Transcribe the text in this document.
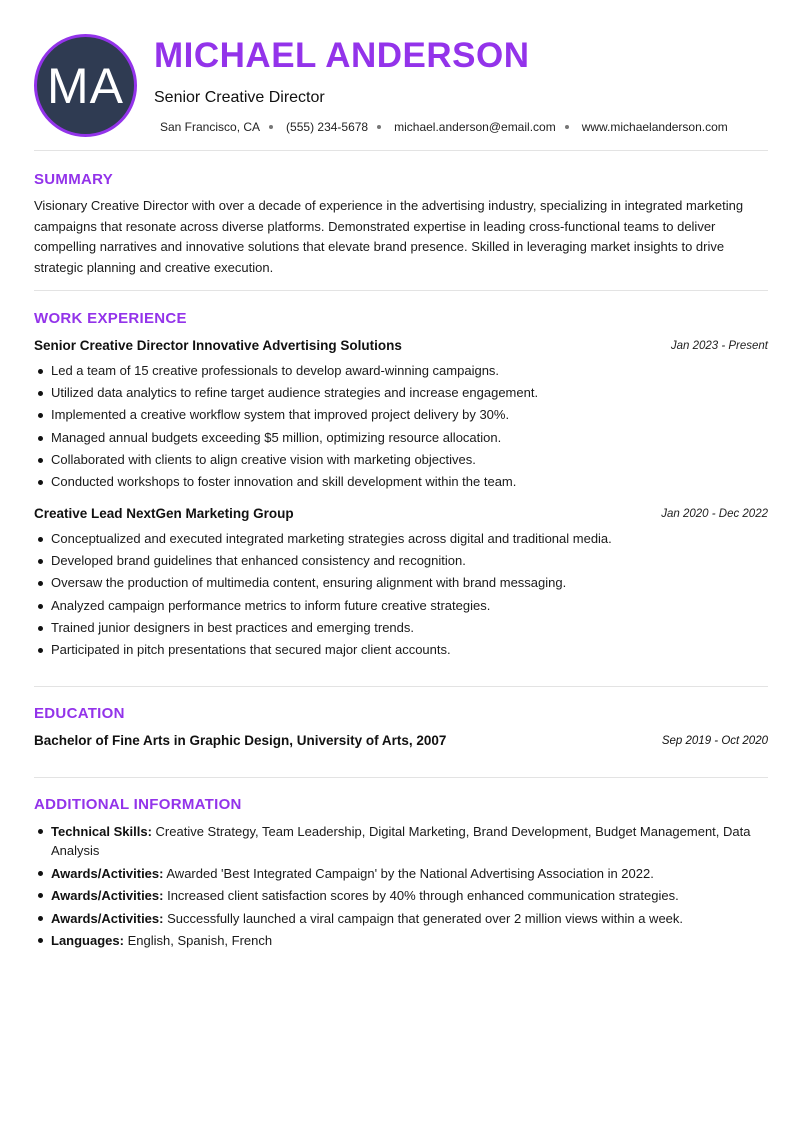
MA
MICHAEL ANDERSON
Senior Creative Director
San Francisco, CA (555) 234-5678 michael.anderson@email.com www.michaelanderson.com
SUMMARY
Visionary Creative Director with over a decade of experience in the advertising industry, specializing in integrated marketing campaigns that resonate across diverse platforms. Demonstrated expertise in leading cross-functional teams to deliver compelling narratives and innovative solutions that elevate brand presence. Skilled in leveraging market insights to drive strategic planning and creative execution.
WORK EXPERIENCE
Senior Creative Director Innovative Advertising Solutions	Jan 2023 - Present
Led a team of 15 creative professionals to develop award-winning campaigns.
Utilized data analytics to refine target audience strategies and increase engagement.
Implemented a creative workflow system that improved project delivery by 30%.
Managed annual budgets exceeding $5 million, optimizing resource allocation.
Collaborated with clients to align creative vision with marketing objectives.
Conducted workshops to foster innovation and skill development within the team.
Creative Lead NextGen Marketing Group	Jan 2020 - Dec 2022
Conceptualized and executed integrated marketing strategies across digital and traditional media.
Developed brand guidelines that enhanced consistency and recognition.
Oversaw the production of multimedia content, ensuring alignment with brand messaging.
Analyzed campaign performance metrics to inform future creative strategies.
Trained junior designers in best practices and emerging trends.
Participated in pitch presentations that secured major client accounts.
EDUCATION
Bachelor of Fine Arts in Graphic Design, University of Arts, 2007	Sep 2019 - Oct 2020
ADDITIONAL INFORMATION
Technical Skills: Creative Strategy, Team Leadership, Digital Marketing, Brand Development, Budget Management, Data Analysis
Awards/Activities: Awarded 'Best Integrated Campaign' by the National Advertising Association in 2022.
Awards/Activities: Increased client satisfaction scores by 40% through enhanced communication strategies.
Awards/Activities: Successfully launched a viral campaign that generated over 2 million views within a week.
Languages: English, Spanish, French
